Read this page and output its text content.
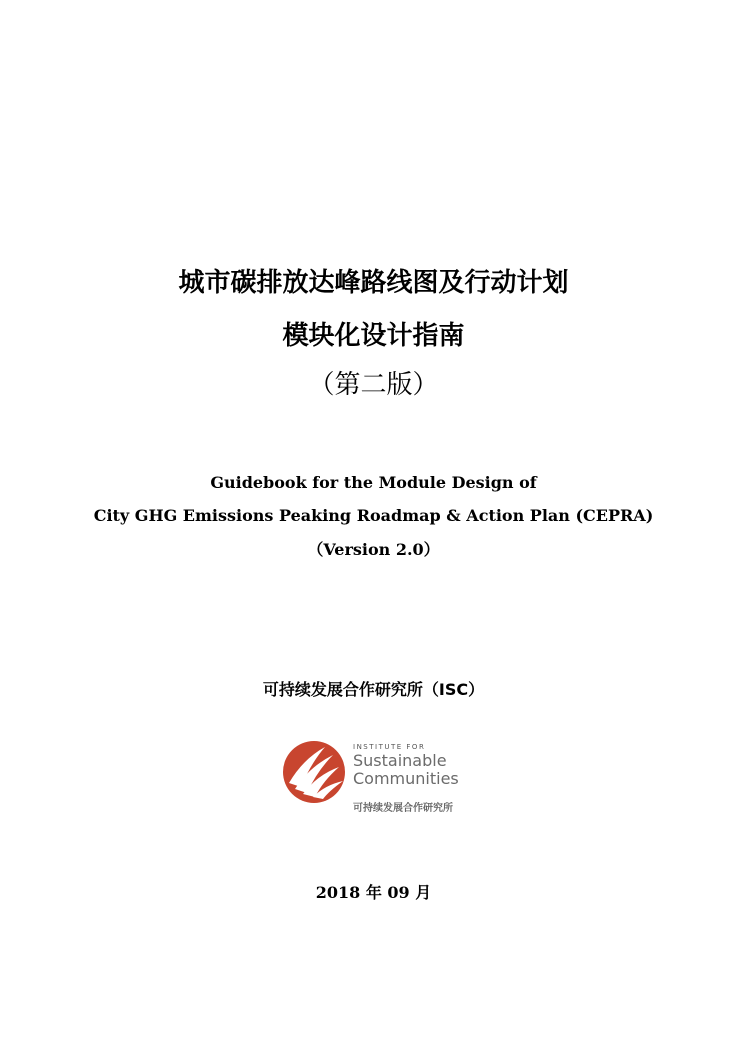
城市碳排放达峰路线图及行动计划
模块化设计指南
（第二版）
Guidebook for the Module Design of
City GHG Emissions Peaking Roadmap & Action Plan (CEPRA)
（Version 2.0）
可持续发展合作研究所（ISC）
INSTITUTE FOR
Sustainable
Communities
可持续发展合作研究所
2018 年 09 月
